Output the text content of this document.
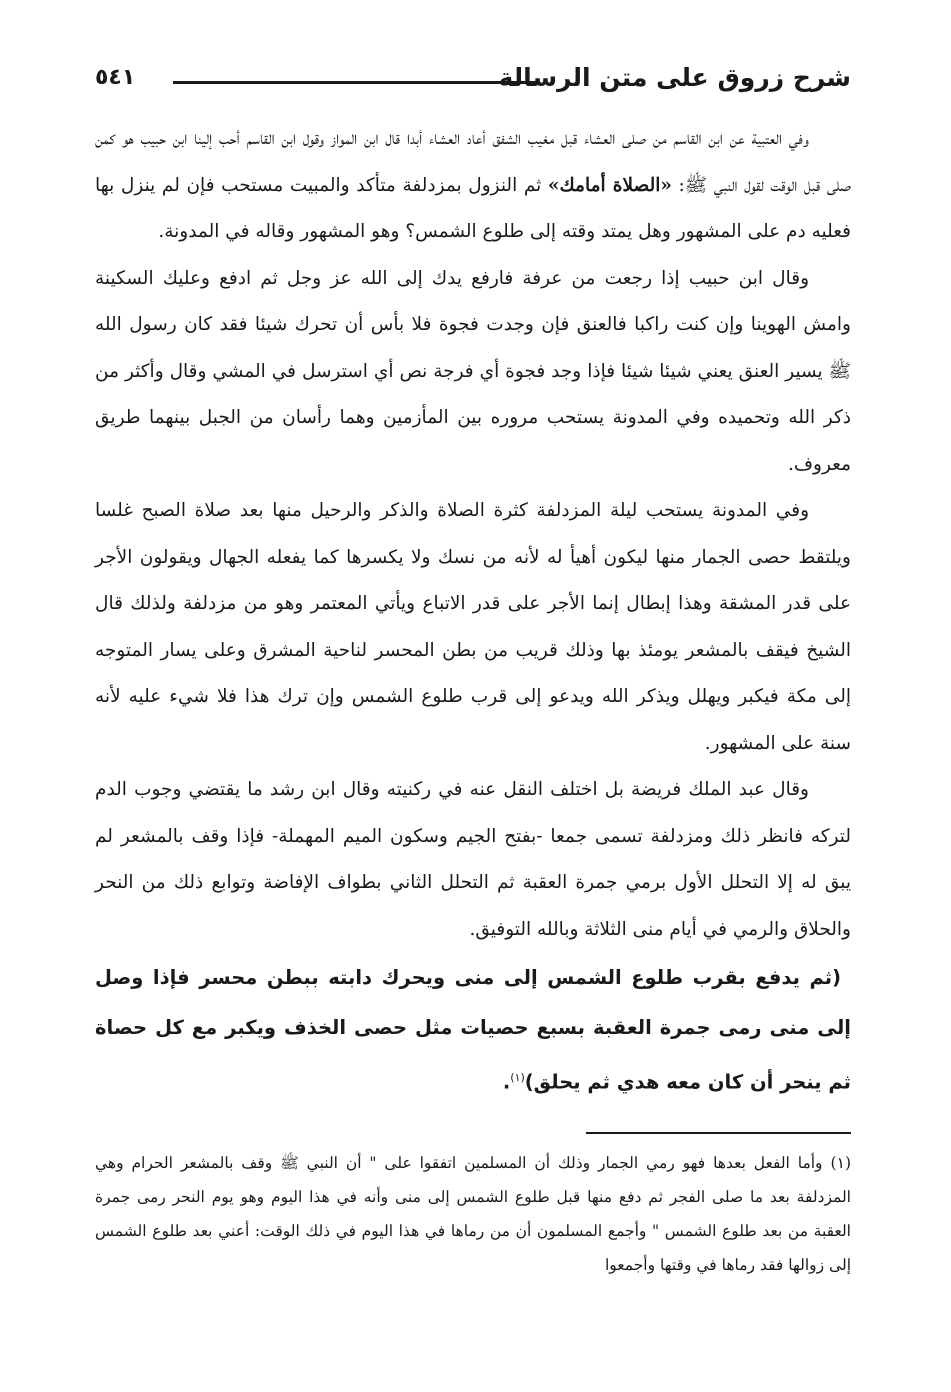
شرح زروق على متن الرسالة
٥٤١

وفي العتبية عن ابن القاسم من صلى العشاء قبل مغيب الشفق أعاد العشاء أبدا قال ابن المواز وقول ابن القاسم أحب إلينا ابن حبيب هو كمن صلى قبل الوقت لقول النبي ﷺ: «الصلاة أمامك» ثم النزول بمزدلفة متأكد والمبيت مستحب فإن لم ينزل بها فعليه دم على المشهور وهل يمتد وقته إلى طلوع الشمس؟ وهو المشهور وقاله في المدونة.

وقال ابن حبيب إذا رجعت من عرفة فارفع يدك إلى الله عز وجل ثم ادفع وعليك السكينة وامش الهوينا وإن كنت راكبا فالعنق فإن وجدت فجوة فلا بأس أن تحرك شيئا فقد كان رسول الله ﷺ يسير العنق يعني شيئا شيئا فإذا وجد فجوة أي فرجة نص أي استرسل في المشي وقال وأكثر من ذكر الله وتحميده وفي المدونة يستحب مروره بين المأزمين وهما رأسان من الجبل بينهما طريق معروف.

وفي المدونة يستحب ليلة المزدلفة كثرة الصلاة والذكر والرحيل منها بعد صلاة الصبح غلسا ويلتقط حصى الجمار منها ليكون أهيأ له لأنه من نسك ولا يكسرها كما يفعله الجهال ويقولون الأجر على قدر المشقة وهذا إبطال إنما الأجر على قدر الاتباع ويأتي المعتمر وهو من مزدلفة ولذلك قال الشيخ فيقف بالمشعر يومئذ بها وذلك قريب من بطن المحسر لناحية المشرق وعلى يسار المتوجه إلى مكة فيكبر ويهلل ويذكر الله ويدعو إلى قرب طلوع الشمس وإن ترك هذا فلا شيء عليه لأنه سنة على المشهور.

وقال عبد الملك فريضة بل اختلف النقل عنه في ركنيته وقال ابن رشد ما يقتضي وجوب الدم لتركه فانظر ذلك ومزدلفة تسمى جمعا -بفتح الجيم وسكون الميم المهملة- فإذا وقف بالمشعر لم يبق له إلا التحلل الأول برمي جمرة العقبة ثم التحلل الثاني بطواف الإفاضة وتوابع ذلك من النحر والحلاق والرمي في أيام منى الثلاثة وبالله التوفيق.

(ثم يدفع بقرب طلوع الشمس إلى منى ويحرك دابته ببطن محسر فإذا وصل إلى منى رمى جمرة العقبة بسبع حصيات مثل حصى الخذف ويكبر مع كل حصاة ثم ينحر أن كان معه هدي ثم يحلق)$^{(١)}$.

(١)وأما الفعل بعدها فهو رمي الجمار وذلك أن المسلمين اتفقوا على " أن النبي ﷺ وقف بالمشعر الحرام وهي المزدلفة بعد ما صلى الفجر ثم دفع منها قبل طلوع الشمس إلى منى وأنه في هذا اليوم وهو يوم النحر رمى جمرة العقبة من بعد طلوع الشمس " وأجمع المسلمون أن من رماها في هذا اليوم في ذلك الوقت: أعني بعد طلوع الشمس إلى زوالها فقد رماها في وقتها وأجمعوا
